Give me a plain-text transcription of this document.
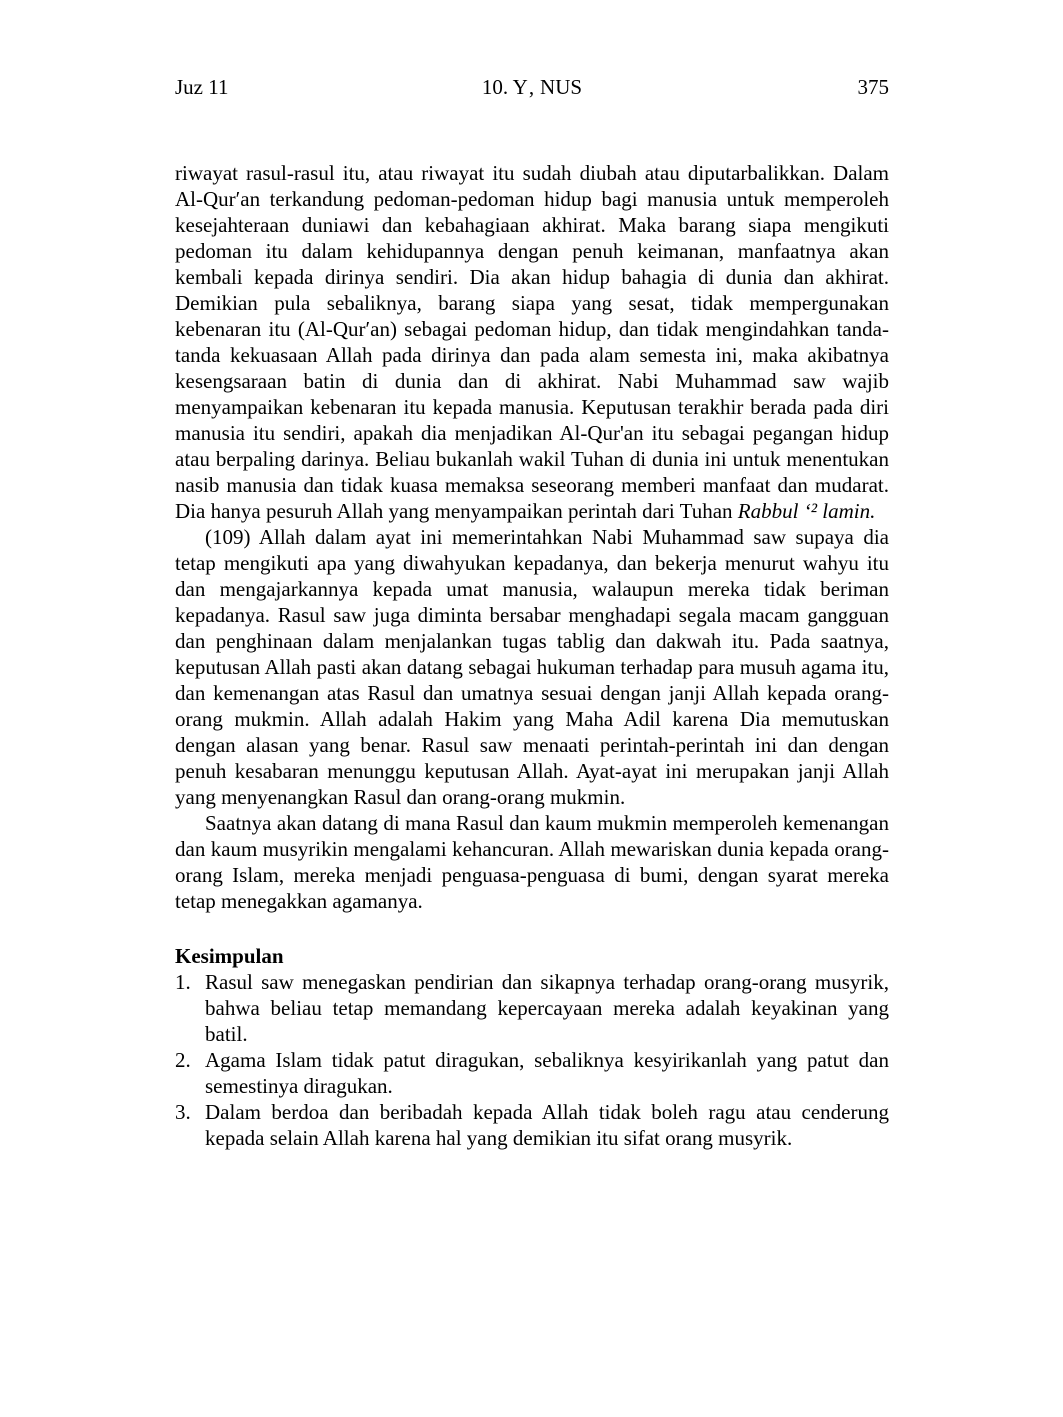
Juz 11	10. Y‚ NUS	375

riwayat rasul-rasul itu, atau riwayat itu sudah diubah atau diputarbalikkan. Dalam Al-Qur′an terkandung pedoman-pedoman hidup bagi manusia untuk memperoleh kesejahteraan duniawi dan kebahagiaan akhirat. Maka barang siapa mengikuti pedoman itu dalam kehidupannya dengan penuh keimanan, manfaatnya akan kembali kepada dirinya sendiri. Dia akan hidup bahagia di dunia dan akhirat. Demikian pula sebaliknya, barang siapa yang sesat, tidak mempergunakan kebenaran itu (Al-Qur′an) sebagai pedoman hidup, dan tidak mengindahkan tanda-tanda kekuasaan Allah pada dirinya dan pada alam semesta ini, maka akibatnya kesengsaraan batin di dunia dan di akhirat. Nabi Muhammad saw wajib menyampaikan kebenaran itu kepada manusia. Keputusan terakhir berada pada diri manusia itu sendiri, apakah dia menjadikan Al-Qur'an itu sebagai pegangan hidup atau berpaling darinya. Beliau bukanlah wakil Tuhan di dunia ini untuk menentukan nasib manusia dan tidak kuasa memaksa seseorang memberi manfaat dan mudarat. Dia hanya pesuruh Allah yang menyampaikan perintah dari Tuhan Rabbul ‘² lamin.

(109) Allah dalam ayat ini memerintahkan Nabi Muhammad saw supaya dia tetap mengikuti apa yang diwahyukan kepadanya, dan bekerja menurut wahyu itu dan mengajarkannya kepada umat manusia, walaupun mereka tidak beriman kepadanya. Rasul saw juga diminta bersabar menghadapi segala macam gangguan dan penghinaan dalam menjalankan tugas tablig dan dakwah itu. Pada saatnya, keputusan Allah pasti akan datang sebagai hukuman terhadap para musuh agama itu, dan kemenangan atas Rasul dan umatnya sesuai dengan janji Allah kepada orang-orang mukmin. Allah adalah Hakim yang Maha Adil karena Dia memutuskan dengan alasan yang benar. Rasul saw menaati perintah-perintah ini dan dengan penuh kesabaran menunggu keputusan Allah. Ayat-ayat ini merupakan janji Allah yang menyenangkan Rasul dan orang-orang mukmin.

Saatnya akan datang di mana Rasul dan kaum mukmin memperoleh kemenangan dan kaum musyrikin mengalami kehancuran. Allah mewariskan dunia kepada orang-orang Islam, mereka menjadi penguasa-penguasa di bumi, dengan syarat mereka tetap menegakkan agamanya.

Kesimpulan
1. Rasul saw menegaskan pendirian dan sikapnya terhadap orang-orang musyrik, bahwa beliau tetap memandang kepercayaan mereka adalah keyakinan yang batil.
2. Agama Islam tidak patut diragukan, sebaliknya kesyirikanlah yang patut dan semestinya diragukan.
3. Dalam berdoa dan beribadah kepada Allah tidak boleh ragu atau cenderung kepada selain Allah karena hal yang demikian itu sifat orang musyrik.
